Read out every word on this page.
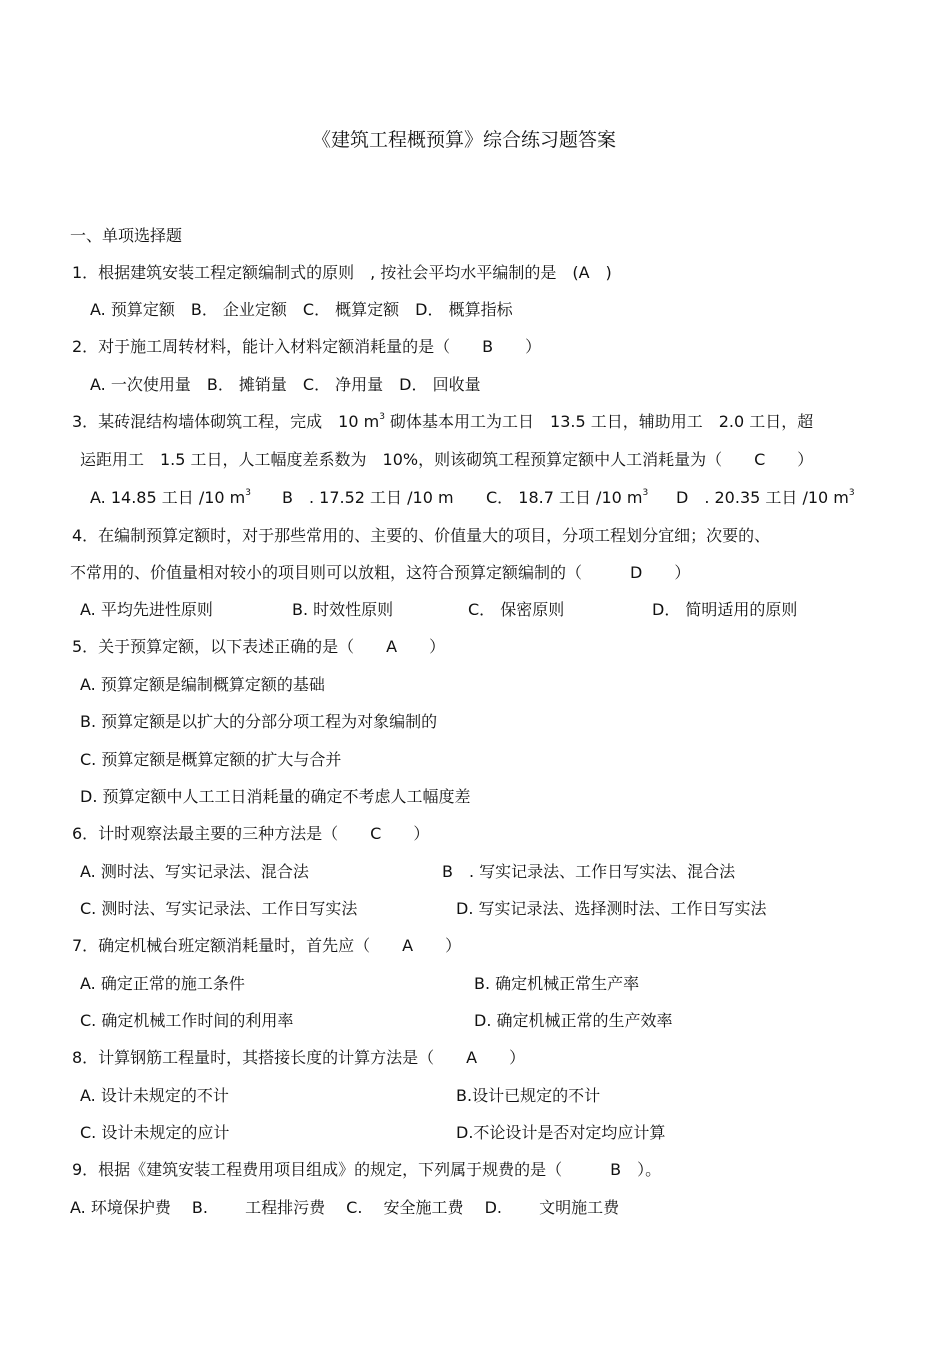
《建筑工程概预算》综合练习题答案
一、单项选择题
1．根据建筑安装工程定额编制式的原则　, 按社会平均水平编制的是　(A　)
A. 预算定额　B． 企业定额　C． 概算定额　D． 概算指标
2．对于施工周转材料，能计入材料定额消耗量的是（　　B　　）
A. 一次使用量　B． 摊销量　C． 净用量　D． 回收量
3．某砖混结构墙体砌筑工程，完成　10 $m^3$ 砌体基本用工为工日　13.5 工日，辅助用工　2.0 工日，超
运距用工　1.5 工日，人工幅度差系数为　10%，则该砌筑工程预算定额中人工消耗量为（　　C　　）
A. 14.85 工日 /10 $m^3$ B　. 17.52 工日 /10 m C． 18.7 工日 /10 $m^3$ D　. 20.35 工日 /10 $m^3$
4．在编制预算定额时，对于那些常用的、主要的、价值量大的项目，分项工程划分宜细；次要的、
不常用的、价值量相对较小的项目则可以放粗，这符合预算定额编制的（　　　D　　）
A. 平均先进性原则	B. 时效性原则	C． 保密原则	D． 简明适用的原则
5．关于预算定额，以下表述正确的是（　　A　　）
A. 预算定额是编制概算定额的基础
B. 预算定额是以扩大的分部分项工程为对象编制的
C. 预算定额是概算定额的扩大与合并
D. 预算定额中人工工日消耗量的确定不考虑人工幅度差
6．计时观察法最主要的三种方法是（　　C　　）
A. 测时法、写实记录法、混合法	B　. 写实记录法、工作日写实法、混合法
C. 测时法、写实记录法、工作日写实法	D. 写实记录法、选择测时法、工作日写实法
7．确定机械台班定额消耗量时，首先应（　　A　　）
A. 确定正常的施工条件	B. 确定机械正常生产率
C. 确定机械工作时间的利用率	D. 确定机械正常的生产效率
8．计算钢筋工程量时，其搭接长度的计算方法是（　　A　　）
A. 设计未规定的不计	B.设计已规定的不计
C. 设计未规定的应计	D.不论设计是否对定均应计算
9．根据《建筑安装工程费用项目组成》的规定，下列属于规费的是（　　　B　）。
A. 环境保护费　 B.　　 工程排污费　 C.　 安全施工费　 D.　　 文明施工费
